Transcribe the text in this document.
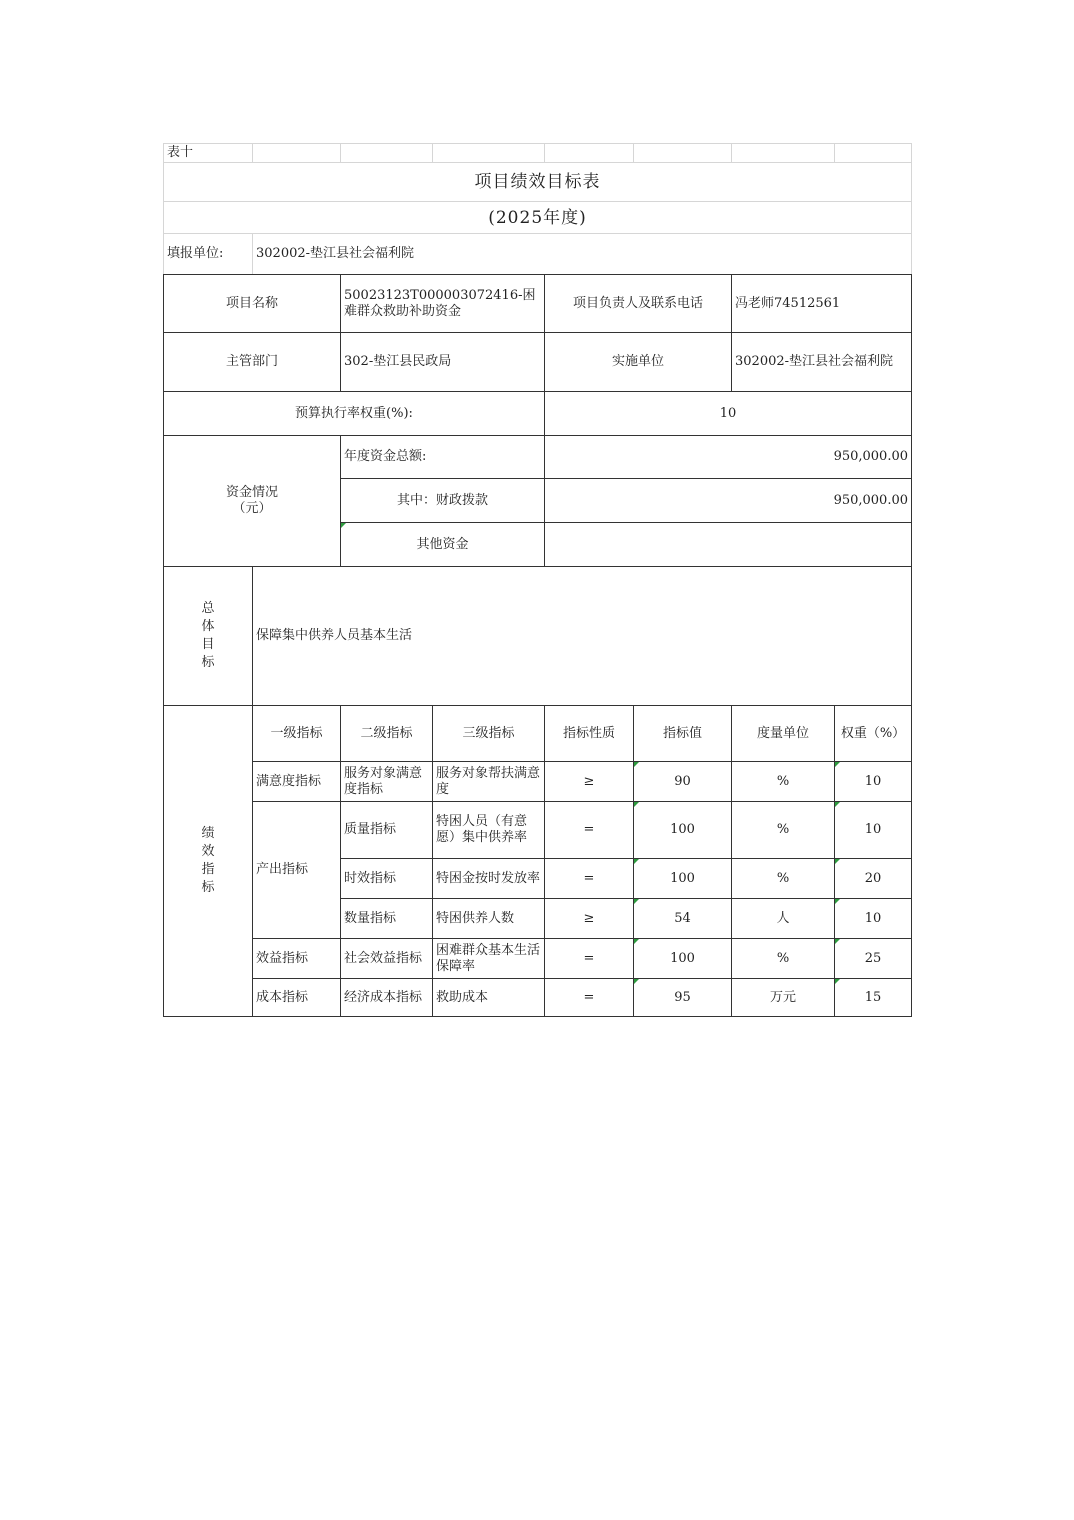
表十							
项目绩效目标表							
(2025年度)							
填报单位:	302002-垫江县社会福利院						
项目名称		50023123T000003072416-困难群众救助补助资金		项目负责人及联系电话		冯老师74512561	
主管部门		302-垫江县民政局		实施单位		302002-垫江县社会福利院	
预算执行率权重(%):				10			
资金情况（元）		年度资金总额:		950,000.00			
		其中：财政拨款		950,000.00			
		其他资金					
总体目标	保障集中供养人员基本生活						
绩效指标	一级指标	二级指标	三级指标	指标性质	指标值	度量单位	权重（%）
	满意度指标	服务对象满意度指标	服务对象帮扶满意度	≥	90	%	10
	产出指标	质量指标	特困人员（有意愿）集中供养率	=	100	%	10
		时效指标	特困金按时发放率	=	100	%	20
		数量指标	特困供养人数	≥	54	人	10
	效益指标	社会效益指标	困难群众基本生活保障率	=	100	%	25
	成本指标	经济成本指标	救助成本	=	95	万元	15
